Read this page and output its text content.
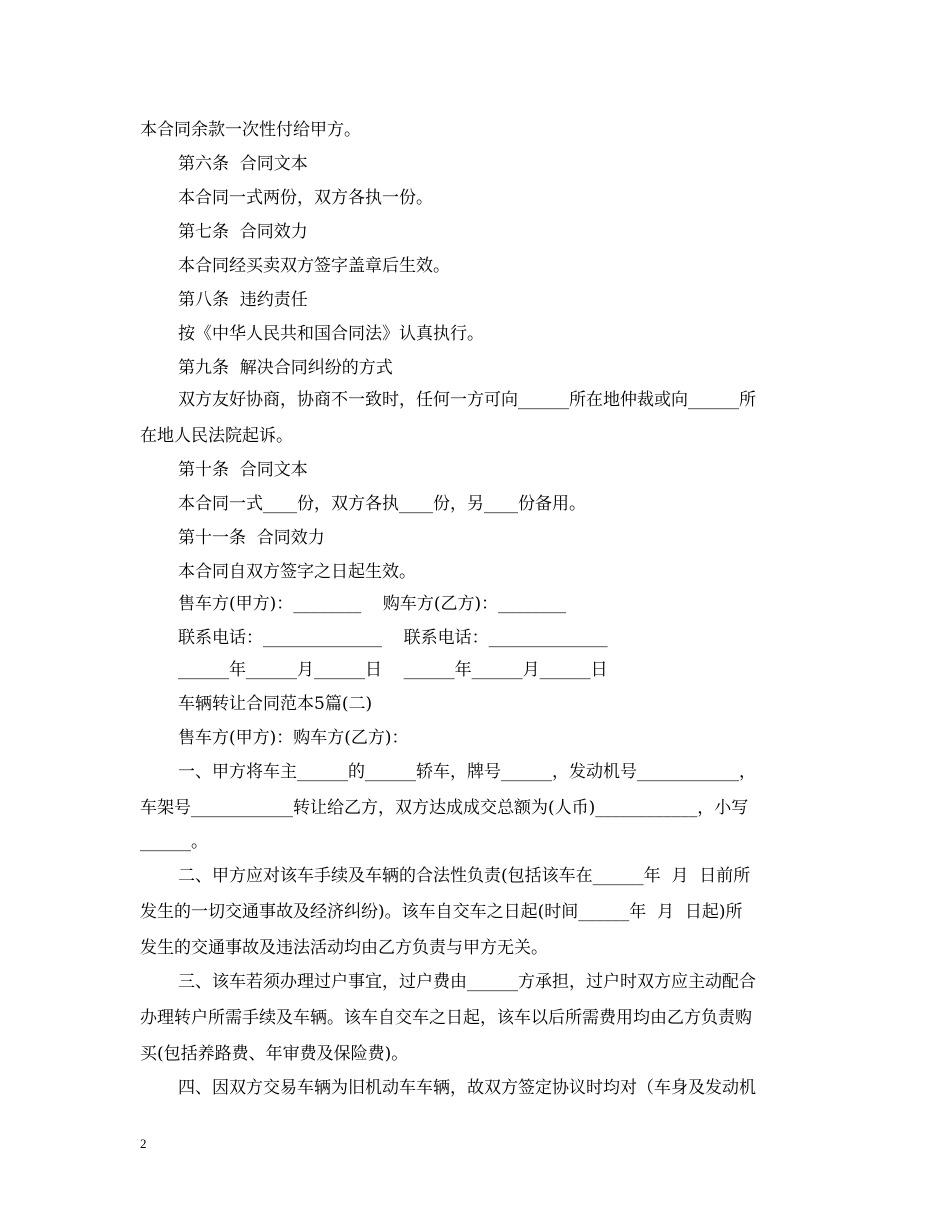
本合同余款一次性付给甲方。
第六条  合同文本
本合同一式两份，双方各执一份。
第七条  合同效力
本合同经买卖双方签字盖章后生效。
第八条  违约责任
按《中华人民共和国合同法》认真执行。
第九条  解决合同纠纷的方式
双方友好协商，协商不一致时，任何一方可向______所在地仲裁或向______所
在地人民法院起诉。
第十条  合同文本
本合同一式____份，双方各执____份，另____份备用。
第十一条  合同效力
本合同自双方签字之日起生效。
售车方(甲方)：________    购车方(乙方)：________
联系电话：______________    联系电话：______________
______年______月______日    ______年______月______日
车辆转让合同范本5篇(二)
售车方(甲方)：购车方(乙方)：
一、甲方将车主______的______轿车，牌号______，发动机号____________，
车架号____________转让给乙方，双方达成成交总额为(人币)____________，小写
______。
二、甲方应对该车手续及车辆的合法性负责(包括该车在______年  月  日前所
发生的一切交通事故及经济纠纷)。该车自交车之日起(时间______年  月  日起)所
发生的交通事故及违法活动均由乙方负责与甲方无关。
三、该车若须办理过户事宜，过户费由______方承担，过户时双方应主动配合
办理转户所需手续及车辆。该车自交车之日起，该车以后所需费用均由乙方负责购
买(包括养路费、年审费及保险费)。
四、因双方交易车辆为旧机动车车辆，故双方签定协议时均对（车身及发动机
2
